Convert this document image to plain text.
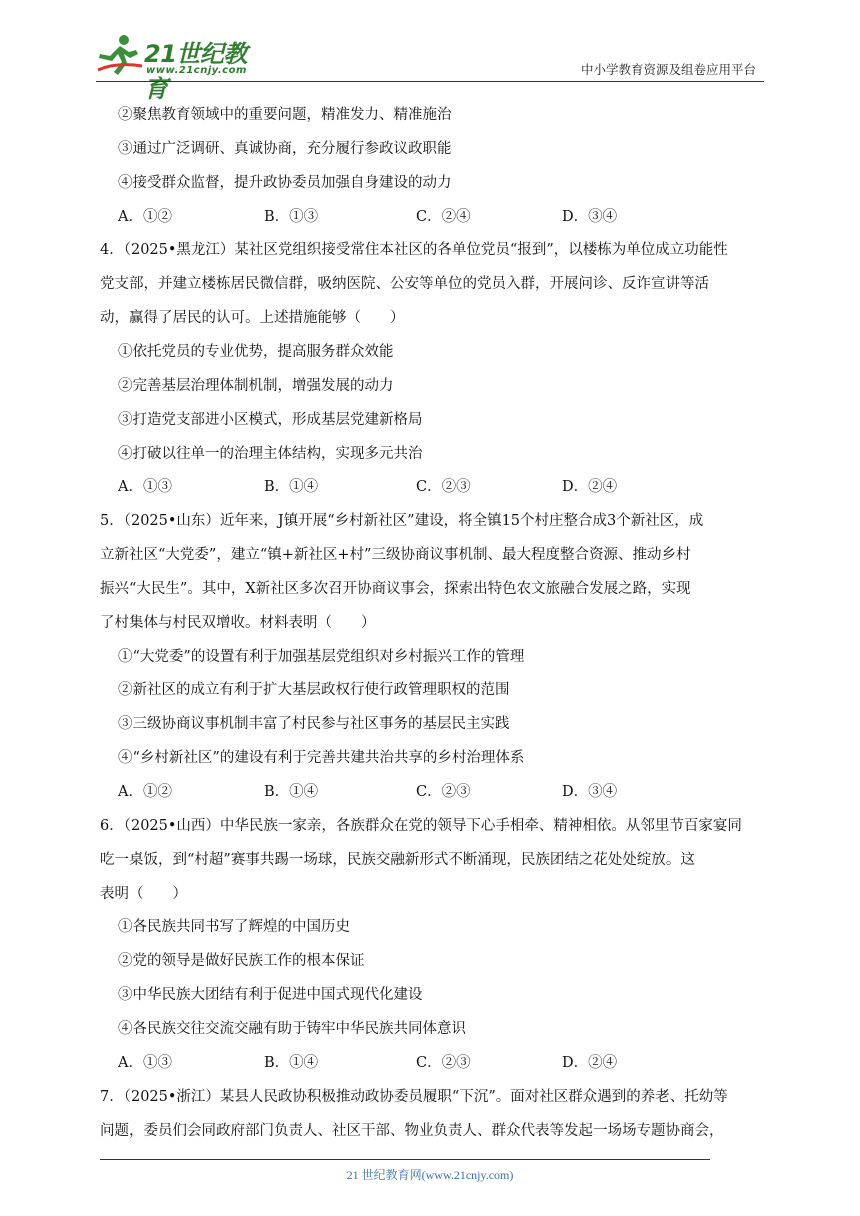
21世纪教育
www.21cnjy.com	中小学教育资源及组卷应用平台
②聚焦教育领域中的重要问题，精准发力、精准施治
③通过广泛调研、真诚协商，充分履行参政议政职能
④接受群众监督，提升政协委员加强自身建设的动力
A．①②	B．①③	C．②④	D．③④
4．（2025•黑龙江）某社区党组织接受常住本社区的各单位党员“报到”，以楼栋为单位成立功能性
党支部，并建立楼栋居民微信群，吸纳医院、公安等单位的党员入群，开展问诊、反诈宣讲等活
动，赢得了居民的认可。上述措施能够（　　）
①依托党员的专业优势，提高服务群众效能
②完善基层治理体制机制，增强发展的动力
③打造党支部进小区模式，形成基层党建新格局
④打破以往单一的治理主体结构，实现多元共治
A．①③	B．①④	C．②③	D．②④
5．（2025•山东）近年来，J镇开展“乡村新社区”建设，将全镇15个村庄整合成3个新社区，成
立新社区“大党委”，建立“镇+新社区+村”三级协商议事机制、最大程度整合资源、推动乡村
振兴“大民生”。其中，X新社区多次召开协商议事会，探索出特色农文旅融合发展之路，实现
了村集体与村民双增收。材料表明（　　）
①“大党委”的设置有利于加强基层党组织对乡村振兴工作的管理
②新社区的成立有利于扩大基层政权行使行政管理职权的范围
③三级协商议事机制丰富了村民参与社区事务的基层民主实践
④“乡村新社区”的建设有利于完善共建共治共享的乡村治理体系
A．①②	B．①④	C．②③	D．③④
6．（2025•山西）中华民族一家亲，各族群众在党的领导下心手相牵、精神相依。从邻里节百家宴同
吃一桌饭，到“村超”赛事共踢一场球，民族交融新形式不断涌现，民族团结之花处处绽放。这
表明（　　）
①各民族共同书写了辉煌的中国历史
②党的领导是做好民族工作的根本保证
③中华民族大团结有利于促进中国式现代化建设
④各民族交往交流交融有助于铸牢中华民族共同体意识
A．①③	B．①④	C．②③	D．②④
7．（2025•浙江）某县人民政协积极推动政协委员履职“下沉”。面对社区群众遇到的养老、托幼等
问题，委员们会同政府部门负责人、社区干部、物业负责人、群众代表等发起一场场专题协商会，
21 世纪教育网(www.21cnjy.com)
